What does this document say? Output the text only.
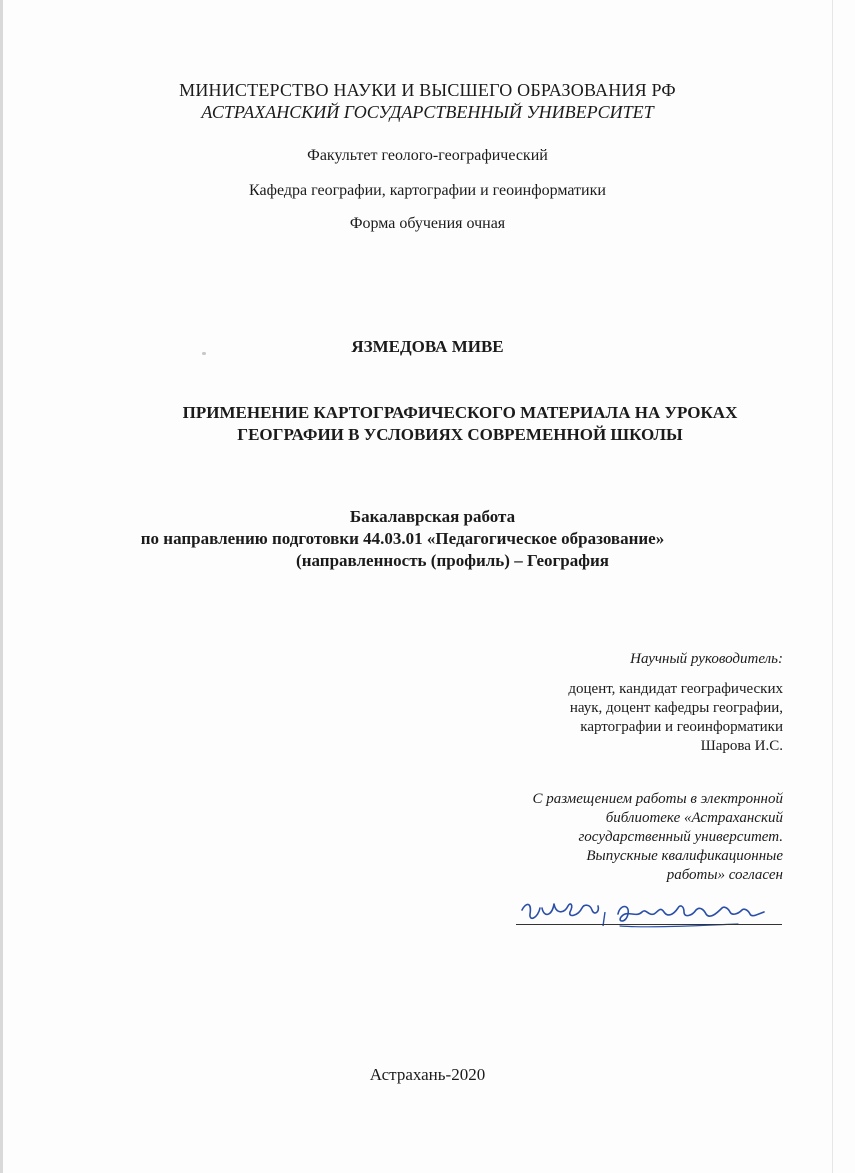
МИНИСТЕРСТВО НАУКИ И ВЫСШЕГО ОБРАЗОВАНИЯ РФ
АСТРАХАНСКИЙ ГОСУДАРСТВЕННЫЙ УНИВЕРСИТЕТ
Факультет геолого-географический
Кафедра географии, картографии и геоинформатики
Форма обучения очная
ЯЗМЕДОВА МИВЕ
ПРИМЕНЕНИЕ КАРТОГРАФИЧЕСКОГО МАТЕРИАЛА НА УРОКАХ
ГЕОГРАФИИ В УСЛОВИЯХ СОВРЕМЕННОЙ ШКОЛЫ
Бакалаврская работа
по направлению подготовки 44.03.01 «Педагогическое образование»
(направленность (профиль) – География
Научный руководитель:
доцент, кандидат географических
наук, доцент кафедры географии,
картографии и геоинформатики
Шарова И.С.
С размещением работы в электронной
библиотеке «Астраханский
государственный университет.
Выпускные квалификационные
работы» согласен
Астрахань-2020
